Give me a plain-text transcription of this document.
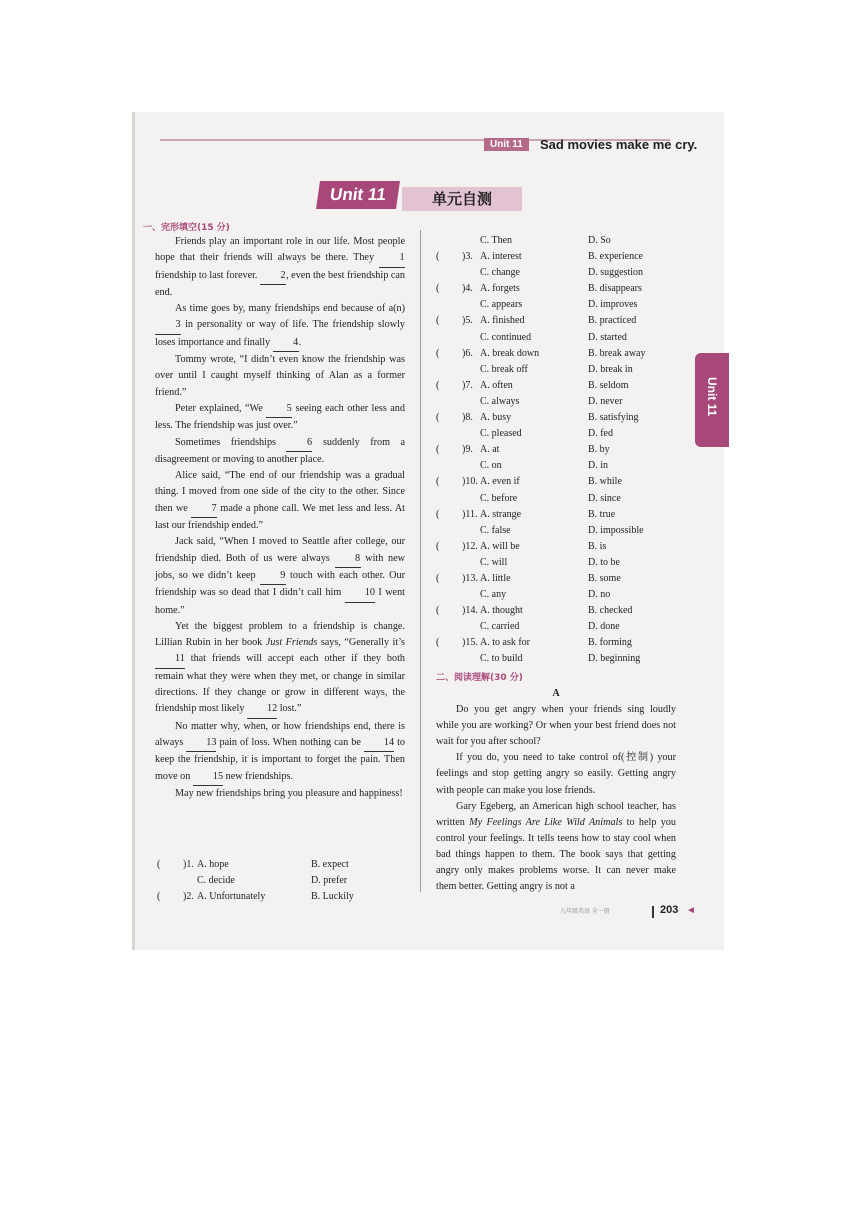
Unit 11	Sad movies make me cry.
Unit 11	单元自测
一、完形填空(15 分)

Friends play an important role in our life. Most people hope that their friends will always be there. They 1 friendship to last forever. 2, even the best friendship can end.

As time goes by, many friendships end because of a(n) 3 in personality or way of life. The friendship slowly loses importance and finally 4.

Tommy wrote, “I didn’t even know the friendship was over until I caught myself thinking of Alan as a former friend.”

Peter explained, “We 5 seeing each other less and less. The friendship was just over.”

Sometimes friendships 6 suddenly from a disagreement or moving to another place.

Alice said, “The end of our friendship was a gradual thing. I moved from one side of the city to the other. Since then we 7 made a phone call. We met less and less. At last our friendship ended.”

Jack said, “When I moved to Seattle after college, our friendship died. Both of us were always 8 with new jobs, so we didn’t keep 9 touch with each other. Our friendship was so dead that I didn’t call him 10 I went home.”

Yet the biggest problem to a friendship is change. Lillian Rubin in her book Just Friends says, “Generally it’s 11 that friends will accept each other if they both remain what they were when they met, or change in similar directions. If they change or grow in different ways, the friendship most likely 12 lost.”

No matter why, when, or how friendships end, there is always 13 pain of loss. When nothing can be 14 to keep the friendship, it is important to forget the pain. Then move on 15 new friendships.

May new friendships bring you pleasure and happiness!

( )1. A. hope	B. expect
C. decide	D. prefer
( )2. A. Unfortunately	B. Luckily
C. Then	D. So
( )3. A. interest	B. experience
C. change	D. suggestion
( )4. A. forgets	B. disappears
C. appears	D. improves
( )5. A. finished	B. practiced
C. continued	D. started
( )6. A. break down	B. break away
C. break off	D. break in
( )7. A. often	B. seldom
C. always	D. never
( )8. A. busy	B. satisfying
C. pleased	D. fed
( )9. A. at	B. by
C. on	D. in
( )10. A. even if	B. while
C. before	D. since
( )11. A. strange	B. true
C. false	D. impossible
( )12. A. will be	B. is
C. will	D. to be
( )13. A. little	B. some
C. any	D. no
( )14. A. thought	B. checked
C. carried	D. done
( )15. A. to ask for	B. forming
C. to build	D. beginning
二、阅读理解(30 分)

A

Do you get angry when your friends sing loudly while you are working? Or when your best friend does not wait for you after school?

If you do, you need to take control of(控制) your feelings and stop getting angry so easily. Getting angry with people can make you lose friends.

Gary Egeberg, an American high school teacher, has written My Feelings Are Like Wild Animals to help you control your feelings. It tells teens how to stay cool when bad things happen to them. The book says that getting angry only makes problems worse. It can never make them better. Getting angry is not a

Unit 11
九年级英语 全一册	203 ◄
